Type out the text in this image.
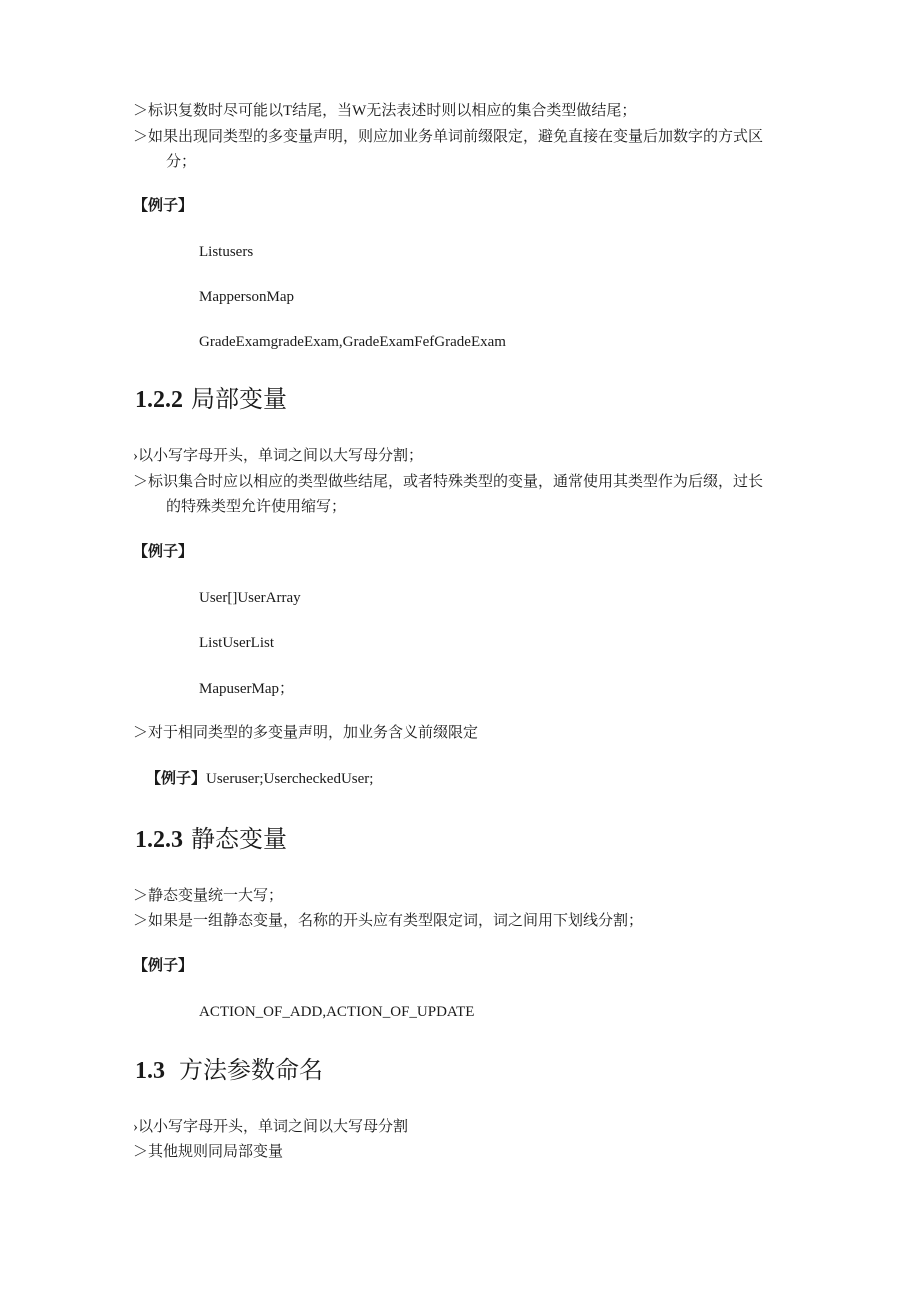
＞标识复数时尽可能以T结尾，当W无法表述时则以相应的集合类型做结尾；
＞如果出现同类型的多变量声明，则应加业务单词前缀限定，避免直接在变量后加数字的方式区
分；
【例子】
Listusers
MappersonMap
GradeExamgradeExam,GradeExamFefGradeExam
1.2.2 局部变量
›以小写字母开头，单词之间以大写母分割；
＞标识集合时应以相应的类型做些结尾，或者特殊类型的变量，通常使用其类型作为后缀，过长
的特殊类型允许使用缩写；
【例子】
User[]UserArray
ListUserList
MapuserMap；
＞对于相同类型的多变量声明，加业务含义前缀限定
【例子】Useruser;UsercheckedUser;
1.2.3 静态变量
＞静态变量统一大写；
＞如果是一组静态变量，名称的开头应有类型限定词，词之间用下划线分割；
【例子】
ACTION_OF_ADD,ACTION_OF_UPDATE
1.3 方法参数命名
›以小写字母开头，单词之间以大写母分割
＞其他规则同局部变量
